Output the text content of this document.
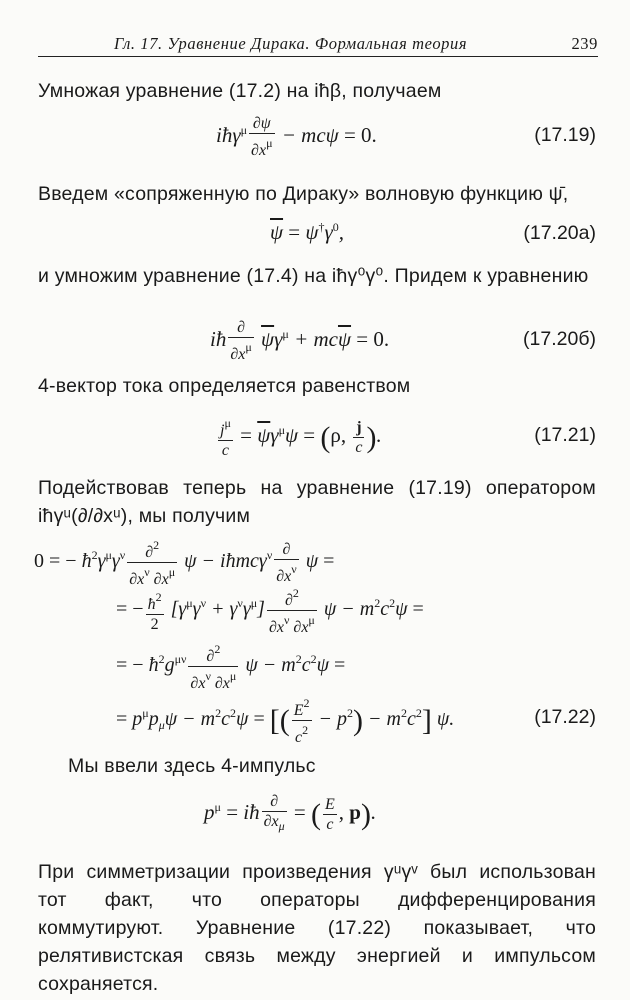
Гл. 17. Уравнение Дирака. Формальная теория	239
Умножая уравнение (17.2) на iħβ, получаем
iħγ$^\mu$ $\frac{\partial\psi}{\partial x^\mu} - mc\psi = 0$.	(17.19)
Введем «сопряженную по Дираку» волновую функцию ψ̄,
$\overline{\psi} = \psi^\dagger\gamma^0$,	(17.20а)
и умножим уравнение (17.4) на iħγ⁰γ⁰. Придем к уравнению
iħ $\frac{\partial}{\partial x^\mu} \overline{\psi}\gamma^\mu + mc\overline{\psi} = 0$.	(17.20б)
4-вектор тока определяется равенством
$\frac{j^\mu}{c} = \overline{\psi}\gamma^\mu\psi = (\rho$, $\frac{j}{c}$ ).	(17.21)
Подействовав теперь на уравнение (17.19) оператором iħγᵘ(∂/∂xᵘ), мы получим
0 = − $ħ^2\gamma^\mu\gamma^\nu \frac{\partial^2}{\partial x^\nu \partial x^\mu}$ ψ − iħmcγ$^\nu$ $\frac{\partial}{\partial x^\nu}$ ψ =
= − $\frac{ħ^2}{2} [\gamma^\mu\gamma^\nu + \gamma^\nu\gamma^\mu] \frac{\partial^2}{\partial x^\nu \partial x^\mu}$ $\psi - m^2c^2\psi$ =
= − $ħ^2g^{\mu\nu} \frac{\partial^2}{\partial x^\nu \partial x^\mu}$ $\psi - m^2c^2\psi$ =
= $p^\mu p_\mu\psi - m^2c^2\psi$ = [( $\frac{E^2}{c^2} - p^2) - m^2c^2$] ψ.	(17.22)
Мы ввели здесь 4-импульс
$p^\mu$ = iħ $\frac{\partial}{\partial x_\mu}$ = ( $\frac{E}{c}$ , p).
При симметризации произведения γᵘγᵛ был использован тот факт, что операторы дифференцирования коммутируют. Уравнение (17.22) показывает, что релятивистская связь между энергией и импульсом сохраняется.
